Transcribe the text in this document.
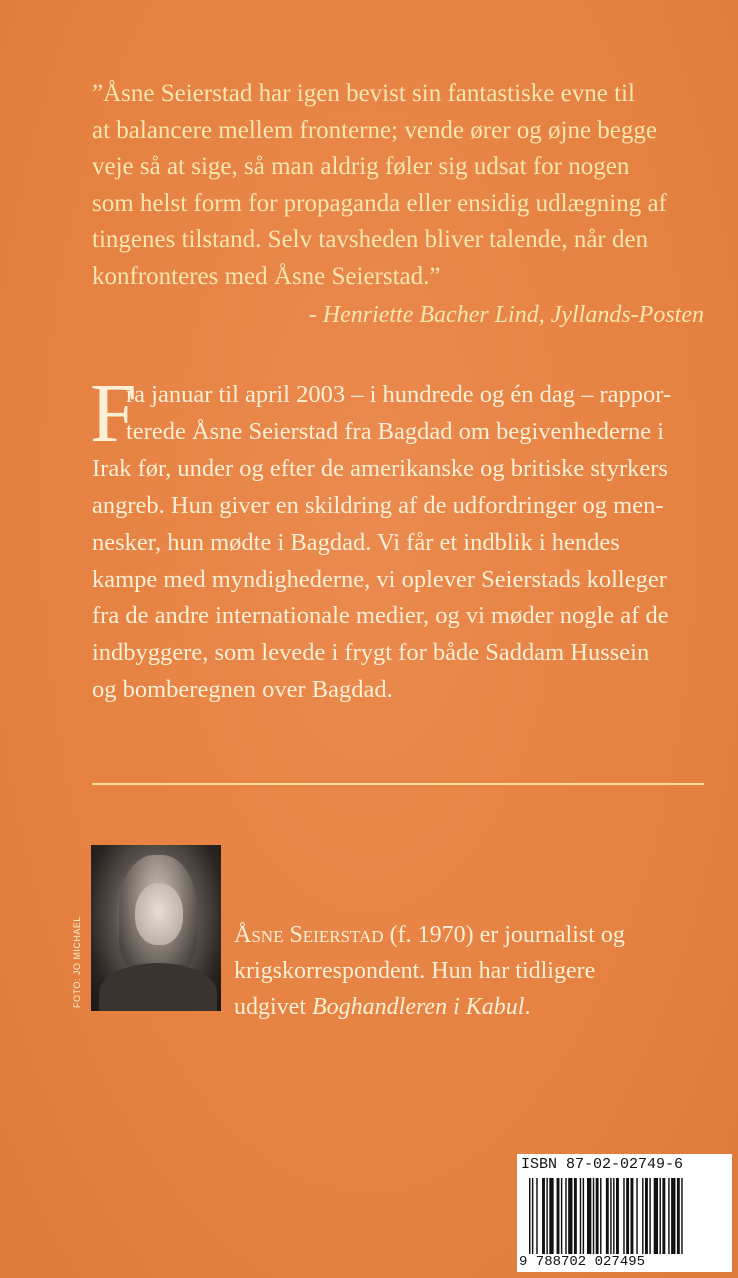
”Åsne Seierstad har igen bevist sin fantastiske evne til
at balancere mellem fronterne; vende ører og øjne begge
veje så at sige, så man aldrig føler sig udsat for nogen
som helst form for propaganda eller ensidig udlægning af
tingenes tilstand. Selv tavsheden bliver talende, når den
konfronteres med Åsne Seierstad.”

- Henriette Bacher Lind, Jyllands-Posten
F
ra januar til april 2003 – i hundrede og én dag – rappor-
terede Åsne Seierstad fra Bagdad om begivenhederne i
Irak før, under og efter de amerikanske og britiske styrkers
angreb. Hun giver en skildring af de udfordringer og men-
nesker, hun mødte i Bagdad. Vi får et indblik i hendes
kampe med myndighederne, vi oplever Seierstads kolleger
fra de andre internationale medier, og vi møder nogle af de
indbyggere, som levede i frygt for både Saddam Hussein
og bomberegnen over Bagdad.
FOTO: JO MICHAEL	Åsne Seierstad (f. 1970) er journalist og
krigskorrespondent. Hun har tidligere
udgivet Boghandleren i Kabul.
ISBN 87-02-02749-6
9 788702 027495
